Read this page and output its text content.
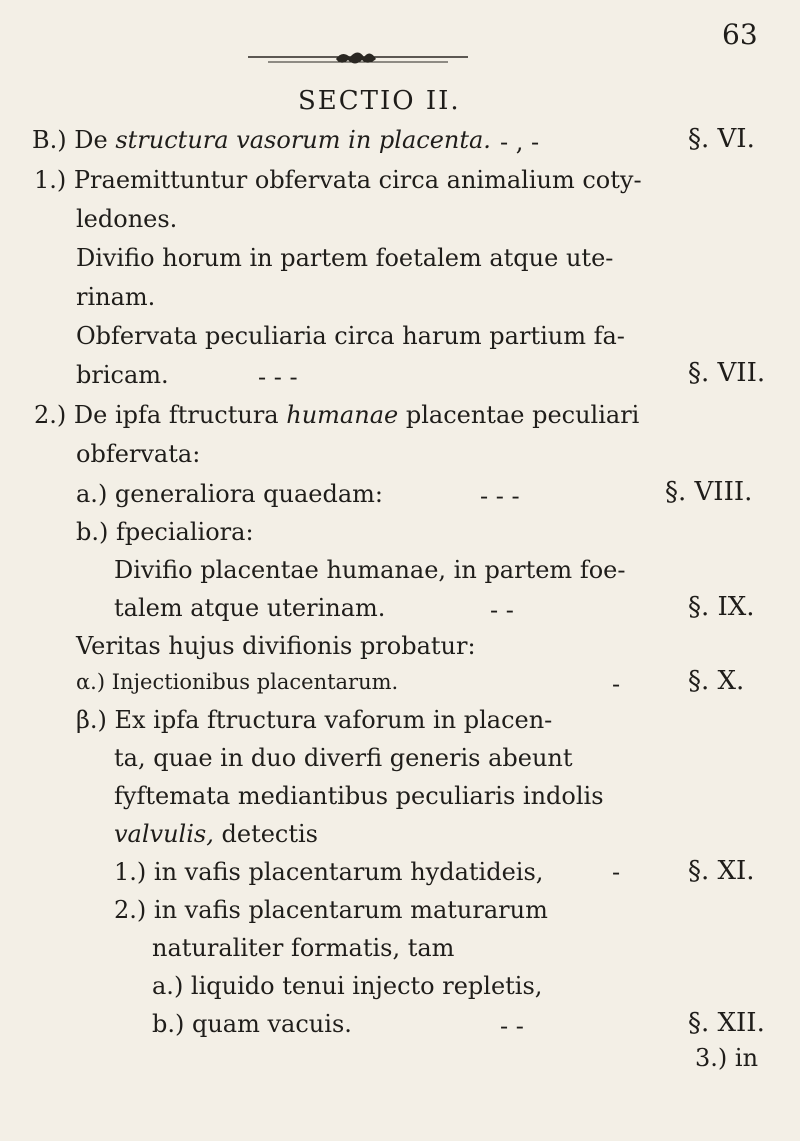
63
SECTIO II.
B.) De structura vasorum in placenta. - , -	§. VI.
1.) Praemittuntur obfervata circa animalium coty-
ledones.
Divifio horum in partem foetalem atque ute-
rinam.
Obfervata peculiaria circa harum partium fa-
bricam.	- - -	§. VII.
2.) De ipfa ftructura humanae placentae peculiari
obfervata:
a.) generaliora quaedam:	- - -	§. VIII.
b.) fpecialiora:
Divifio placentae humanae, in partem foe-
talem atque uterinam.	- -	§. IX.
Veritas hujus divifionis probatur:
α.) Injectionibus placentarum.	-	§. X.
β.) Ex ipfa ftructura vaforum in placen-
ta, quae in duo diverfi generis abeunt
fyftemata mediantibus peculiaris indolis
valvulis, detectis
1.) in vafis placentarum hydatideis,	-	§. XI.
2.) in vafis placentarum maturarum
naturaliter formatis, tam
a.) liquido tenui injecto repletis,
b.) quam vacuis.	- -	§. XII.
3.) in
